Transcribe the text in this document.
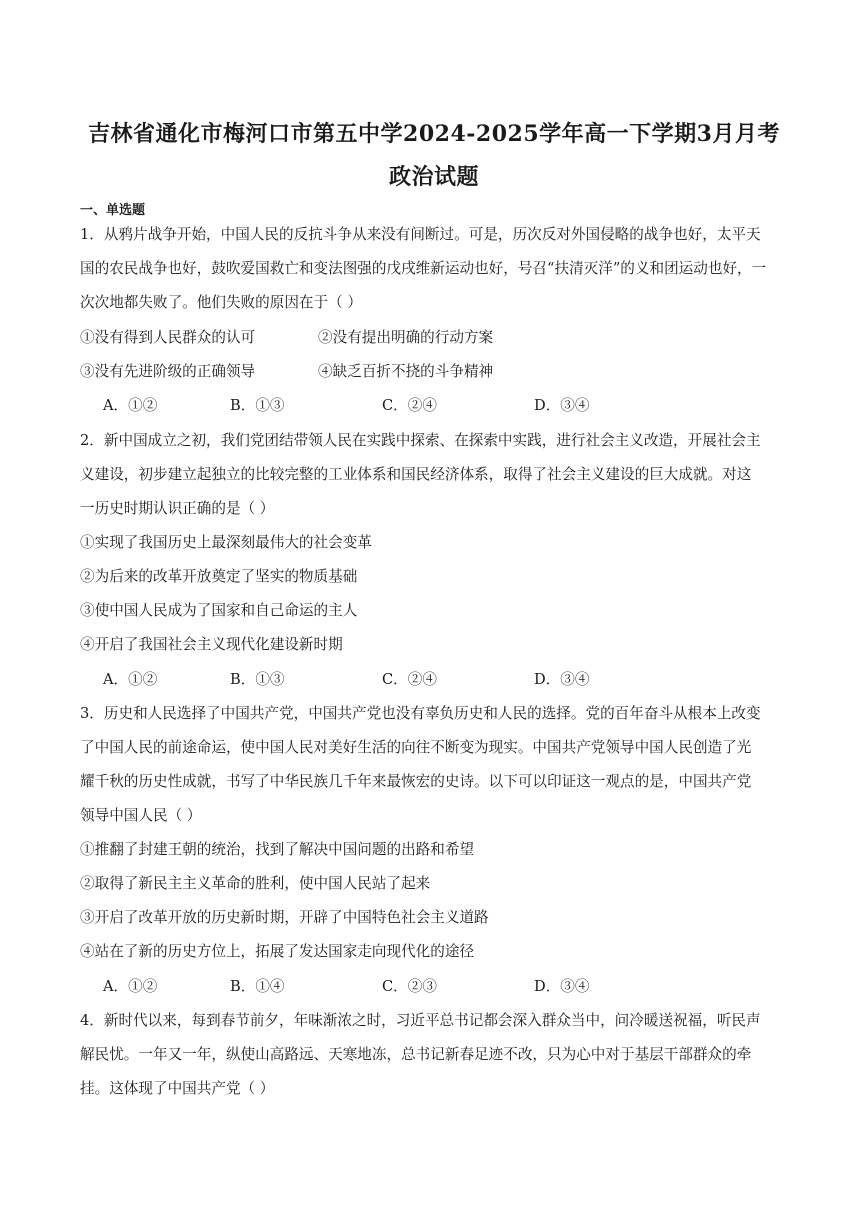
吉林省通化市梅河口市第五中学2024-2025学年高一下学期3月月考
政治试题
一、单选题
1．从鸦片战争开始，中国人民的反抗斗争从来没有间断过。可是，历次反对外国侵略的战争也好，太平天
国的农民战争也好，鼓吹爱国救亡和变法图强的戊戌维新运动也好，号召“扶清灭洋”的义和团运动也好，一
次次地都失败了。他们失败的原因在于（ ）
①没有得到人民群众的认可	②没有提出明确的行动方案
③没有先进阶级的正确领导	④缺乏百折不挠的斗争精神
A．①②	B．①③	C．②④	D．③④
2．新中国成立之初，我们党团结带领人民在实践中探索、在探索中实践，进行社会主义改造，开展社会主
义建设，初步建立起独立的比较完整的工业体系和国民经济体系，取得了社会主义建设的巨大成就。对这
一历史时期认识正确的是（ ）
①实现了我国历史上最深刻最伟大的社会变革
②为后来的改革开放奠定了坚实的物质基础
③使中国人民成为了国家和自己命运的主人
④开启了我国社会主义现代化建设新时期
A．①②	B．①③	C．②④	D．③④
3．历史和人民选择了中国共产党，中国共产党也没有辜负历史和人民的选择。党的百年奋斗从根本上改变
了中国人民的前途命运，使中国人民对美好生活的向往不断变为现实。中国共产党领导中国人民创造了光
耀千秋的历史性成就，书写了中华民族几千年来最恢宏的史诗。以下可以印证这一观点的是，中国共产党
领导中国人民（ ）
①推翻了封建王朝的统治，找到了解决中国问题的出路和希望
②取得了新民主主义革命的胜利，使中国人民站了起来
③开启了改革开放的历史新时期，开辟了中国特色社会主义道路
④站在了新的历史方位上，拓展了发达国家走向现代化的途径
A．①②	B．①④	C．②③	D．③④
4．新时代以来，每到春节前夕，年味渐浓之时，习近平总书记都会深入群众当中，问冷暖送祝福，听民声
解民忧。一年又一年，纵使山高路远、天寒地冻，总书记新春足迹不改，只为心中对于基层干部群众的牵
挂。这体现了中国共产党（ ）
